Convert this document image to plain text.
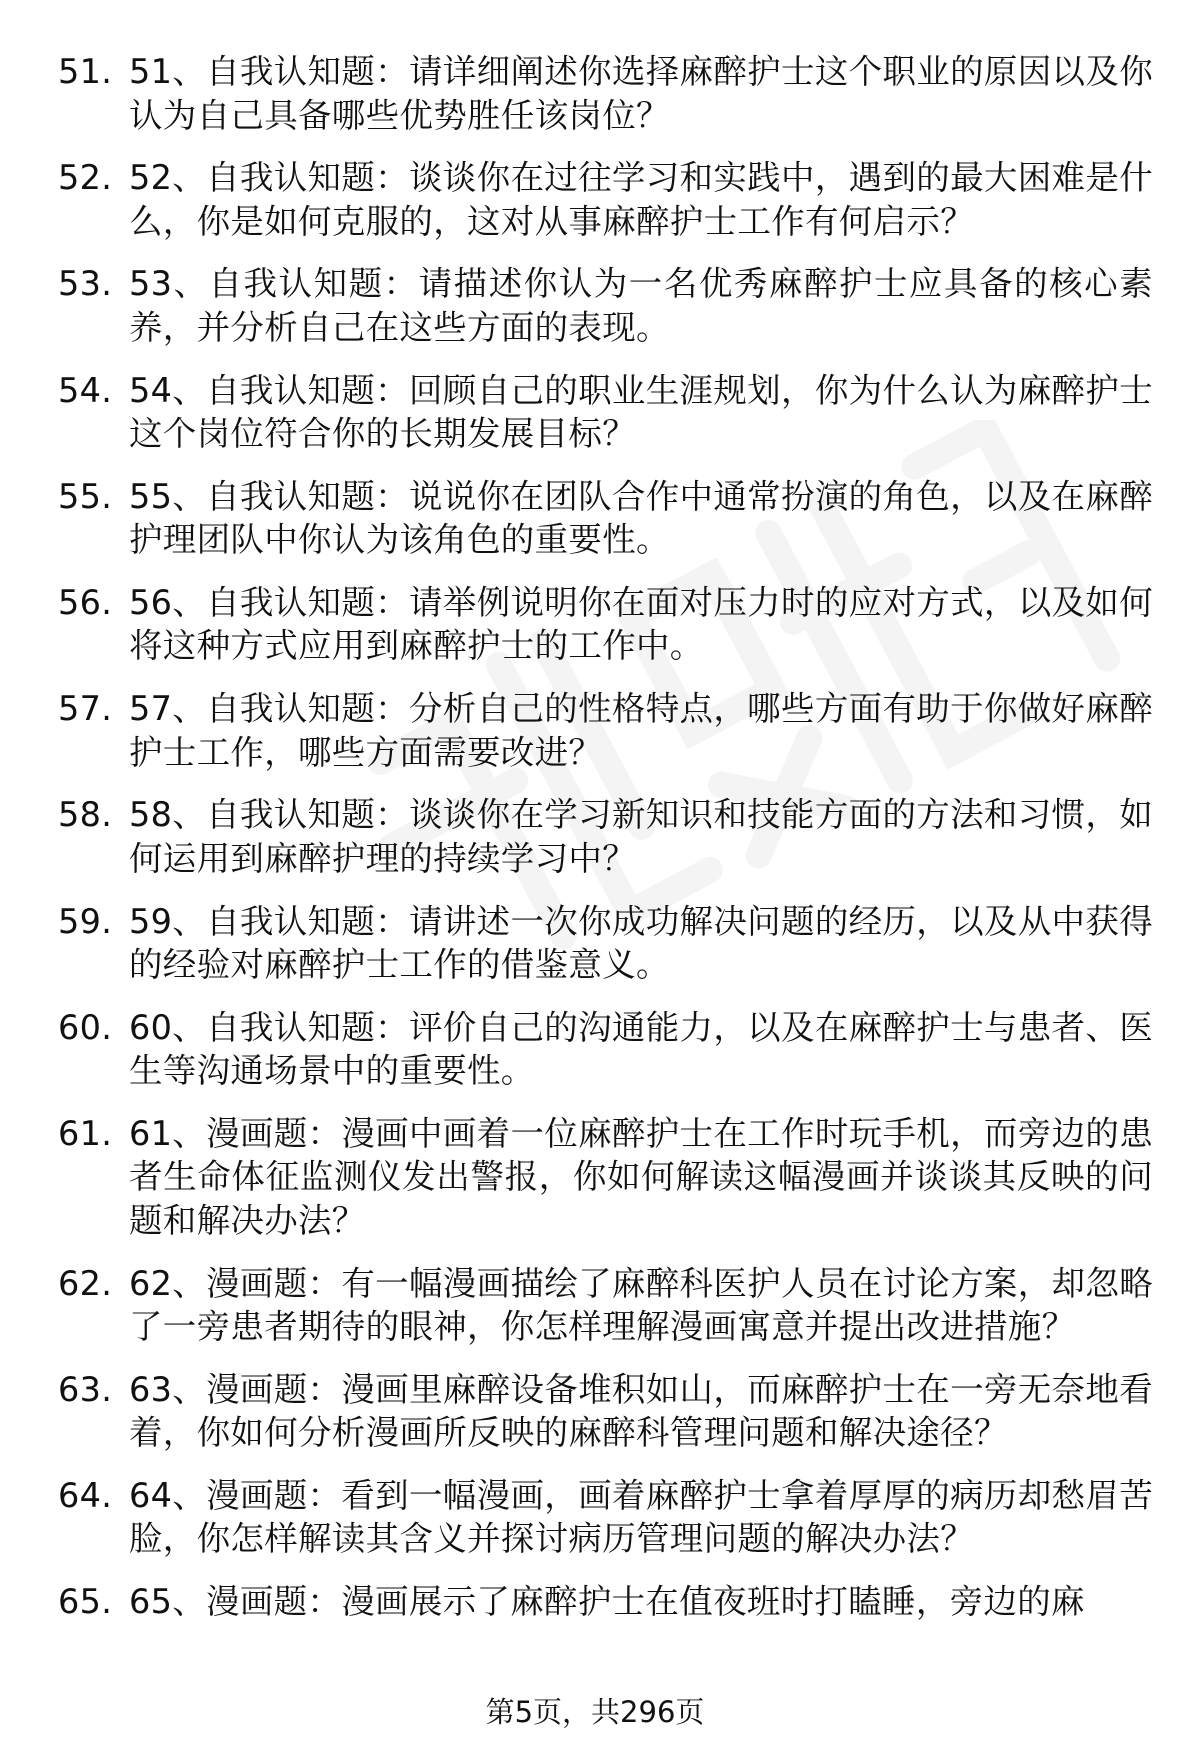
51. 51、自我认知题：请详细阐述你选择麻醉护士这个职业的原因以及你认为自己具备哪些优势胜任该岗位？
52. 52、自我认知题：谈谈你在过往学习和实践中，遇到的最大困难是什么，你是如何克服的，这对从事麻醉护士工作有何启示？
53. 53、自我认知题：请描述你认为一名优秀麻醉护士应具备的核心素养，并分析自己在这些方面的表现。
54. 54、自我认知题：回顾自己的职业生涯规划，你为什么认为麻醉护士这个岗位符合你的长期发展目标？
55. 55、自我认知题：说说你在团队合作中通常扮演的角色，以及在麻醉护理团队中你认为该角色的重要性。
56. 56、自我认知题：请举例说明你在面对压力时的应对方式，以及如何将这种方式应用到麻醉护士的工作中。
57. 57、自我认知题：分析自己的性格特点，哪些方面有助于你做好麻醉护士工作，哪些方面需要改进？
58. 58、自我认知题：谈谈你在学习新知识和技能方面的方法和习惯，如何运用到麻醉护理的持续学习中？
59. 59、自我认知题：请讲述一次你成功解决问题的经历，以及从中获得的经验对麻醉护士工作的借鉴意义。
60. 60、自我认知题：评价自己的沟通能力，以及在麻醉护士与患者、医生等沟通场景中的重要性。
61. 61、漫画题：漫画中画着一位麻醉护士在工作时玩手机，而旁边的患者生命体征监测仪发出警报，你如何解读这幅漫画并谈谈其反映的问题和解决办法？
62. 62、漫画题：有一幅漫画描绘了麻醉科医护人员在讨论方案，却忽略了一旁患者期待的眼神，你怎样理解漫画寓意并提出改进措施？
63. 63、漫画题：漫画里麻醉设备堆积如山，而麻醉护士在一旁无奈地看着，你如何分析漫画所反映的麻醉科管理问题和解决途径？
64. 64、漫画题：看到一幅漫画，画着麻醉护士拿着厚厚的病历却愁眉苦脸，你怎样解读其含义并探讨病历管理问题的解决办法？
65. 65、漫画题：漫画展示了麻醉护士在值夜班时打瞌睡，旁边的麻
第5页，共296页
